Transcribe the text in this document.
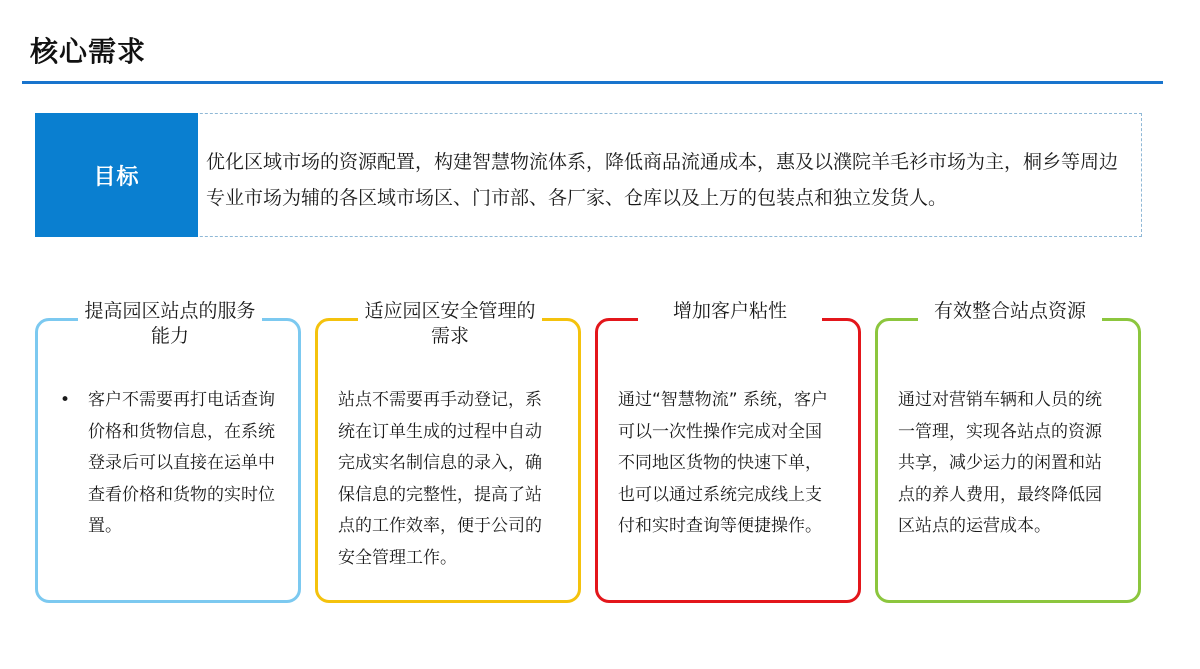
核心需求
目标
优化区域市场的资源配置，构建智慧物流体系，降低商品流通成本，惠及以濮院羊毛衫市场为主，桐乡等周边专业市场为辅的各区域市场区、门市部、各厂家、仓库以及上万的包装点和独立发货人。
提高园区站点的服务能力
• 客户不需要再打电话查询价格和货物信息，在系统登录后可以直接在运单中查看价格和货物的实时位置。
适应园区安全管理的需求
站点不需要再手动登记，系统在订单生成的过程中自动完成实名制信息的录入，确保信息的完整性，提高了站点的工作效率，便于公司的安全管理工作。
增加客户粘性
通过“智慧物流” 系统，客户可以一次性操作完成对全国不同地区货物的快速下单，也可以通过系统完成线上支付和实时查询等便捷操作。
有效整合站点资源
通过对营销车辆和人员的统一管理，实现各站点的资源共享，减少运力的闲置和站点的养人费用，最终降低园区站点的运营成本。
